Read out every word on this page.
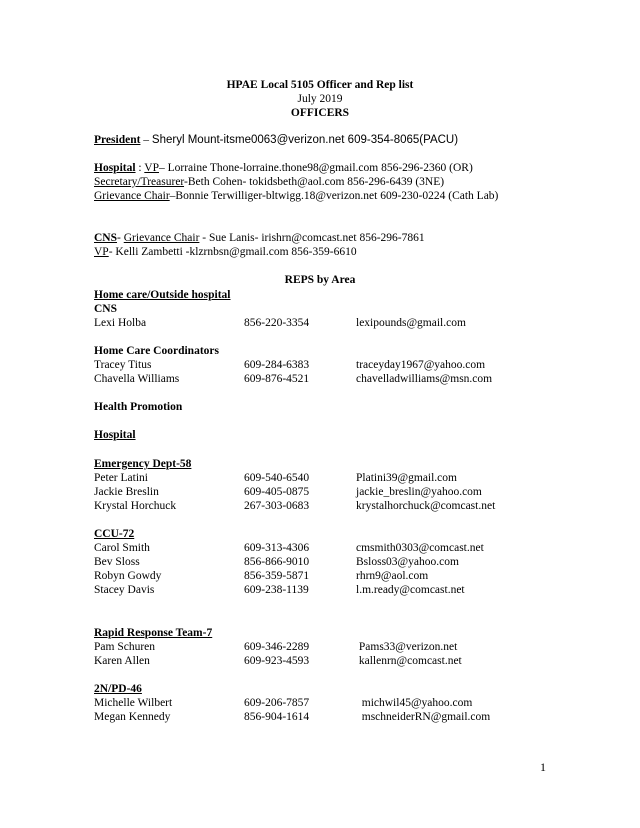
HPAE Local 5105 Officer and Rep list
July 2019
OFFICERS
President – Sheryl Mount-itsme0063@verizon.net 609-354-8065(PACU)
Hospital : VP– Lorraine Thone-lorraine.thone98@gmail.com 856-296-2360 (OR)
Secretary/Treasurer-Beth Cohen- tokidsbeth@aol.com 856-296-6439 (3NE)
Grievance Chair–Bonnie Terwilliger-bltwigg.18@verizon.net 609-230-0224 (Cath Lab)
CNS- Grievance Chair - Sue Lanis- irishrn@comcast.net 856-296-7861
VP- Kelli Zambetti -klzrnbsn@gmail.com 856-359-6610
REPS by Area
Home care/Outside hospital
CNS
Lexi Holba	856-220-3354	lexipounds@gmail.com
Home Care Coordinators
Tracey Titus	609-284-6383	traceyday1967@yahoo.com
Chavella Williams	609-876-4521	chavelladwilliams@msn.com
Health Promotion
Hospital
Emergency Dept-58
Peter Latini	609-540-6540	Platini39@gmail.com
Jackie Breslin	609-405-0875	jackie_breslin@yahoo.com
Krystal Horchuck	267-303-0683	krystalhorchuck@comcast.net
CCU-72
Carol Smith	609-313-4306	cmsmith0303@comcast.net
Bev Sloss	856-866-9010	Bsloss03@yahoo.com
Robyn Gowdy	856-359-5871	rhrn9@aol.com
Stacey Davis	609-238-1139	l.m.ready@comcast.net
Rapid Response Team-7
Pam Schuren	609-346-2289	Pams33@verizon.net
Karen Allen	609-923-4593	kallenrn@comcast.net
2N/PD-46
Michelle Wilbert	609-206-7857	michwil45@yahoo.com
Megan Kennedy	856-904-1614	mschneiderRN@gmail.com
1
